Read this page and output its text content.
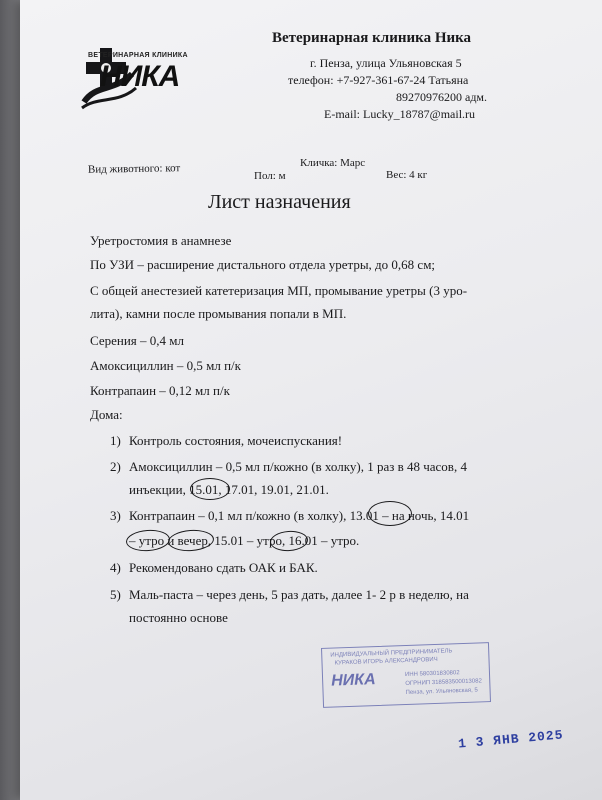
ВЕТЕРИНАРНАЯ КЛИНИКА
НИКА
Ветеринарная клиника Ника
г. Пенза, улица Ульяновская 5
телефон: +7-927-361-67-24 Татьяна
89270976200 адм.
E-mail: Lucky_18787@mail.ru
Вид животного: кот	Кличка: Марс
Пол: м	Вес: 4 кг
Лист назначения
Уретростомия в анамнезе
По УЗИ – расширение дистального отдела уретры, до 0,68 см;
С общей анестезией катетеризация МП, промывание уретры (3 уро-
лита), камни после промывания попали в МП.
Серения – 0,4 мл
Амоксициллин – 0,5 мл п/к
Контрапаин – 0,12 мл п/к
Дома:
1) Контроль состояния, мочеиспускания!
2) Амоксициллин – 0,5 мл п/кожно (в холку), 1 раз в 48 часов, 4
инъекции, 15.01, 17.01, 19.01, 21.01.
3) Контрапаин – 0,1 мл п/кожно (в холку), 13.01 – на ночь, 14.01
– утро и вечер, 15.01 – утро, 16.01 – утро.
4) Рекомендовано сдать ОАК и БАК.
5) Маль-паста – через день, 5 раз дать, далее 1- 2 р в неделю, на
постоянно основе
ИНДИВИДУАЛЬНЫЙ ПРЕДПРИНИМАТЕЛЬ
КУРАКОВ ИГОРЬ АЛЕКСАНДРОВИЧ
НИКА	ИНН 580301830802
ОГРНИП 318583500013082
Пенза, ул. Ульяновская, 5
1 3 ЯНВ 2025
